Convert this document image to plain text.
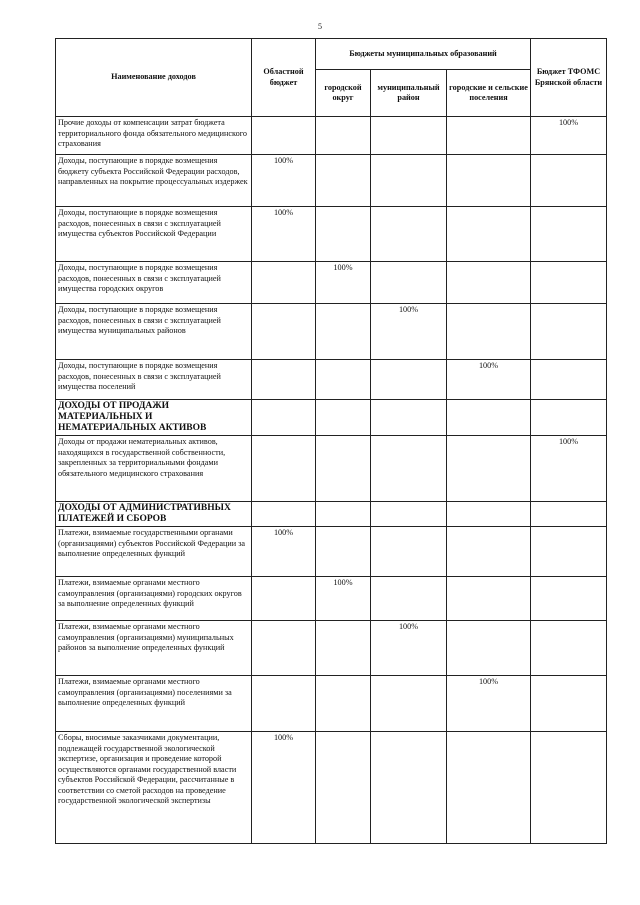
5
Наименование доходов	Областной бюджет	Бюджеты муниципальных образований			Бюджет ТФОМС Брянской области
		городской округ	муниципальный район	городские и сельские поселения	
Прочие доходы от компенсации затрат бюджета территориального фонда обязательного медицинского страхования					100%
Доходы, поступающие в порядке возмещения бюджету субъекта Российской Федерации расходов, направленных на покрытие процессуальных издержек	100%				
Доходы, поступающие в порядке возмещения расходов, понесенных в связи с эксплуатацией имущества субъектов Российской Федерации	100%				
Доходы, поступающие в порядке возмещения расходов, понесенных в связи с эксплуатацией имущества городских округов		100%			
Доходы, поступающие в порядке возмещения расходов, понесенных в связи с эксплуатацией имущества муниципальных районов			100%		
Доходы, поступающие в порядке возмещения расходов, понесенных в связи с эксплуатацией имущества поселений				100%	
ДОХОДЫ ОТ ПРОДАЖИ МАТЕРИАЛЬНЫХ И НЕМАТЕРИАЛЬНЫХ АКТИВОВ					
Доходы от продажи нематериальных активов, находящихся в государственной собственности, закрепленных за территориальными фондами обязательного медицинского страхования					100%
ДОХОДЫ ОТ АДМИНИСТРАТИВНЫХ ПЛАТЕЖЕЙ И СБОРОВ					
Платежи, взимаемые государственными органами (организациями) субъектов Российской Федерации за выполнение определенных функций	100%				
Платежи, взимаемые органами местного самоуправления (организациями) городских округов за выполнение определенных функций		100%			
Платежи, взимаемые органами местного самоуправления (организациями) муниципальных районов за выполнение определенных функций			100%		
Платежи, взимаемые органами местного самоуправления (организациями) поселениями за выполнение определенных функций				100%	
Сборы, вносимые заказчиками документации, подлежащей государственной экологической экспертизе, организация и проведение которой осуществляются органами государственной власти субъектов Российской Федерации, рассчитанные в соответствии со сметой расходов на проведение государственной экологической экспертизы	100%				
